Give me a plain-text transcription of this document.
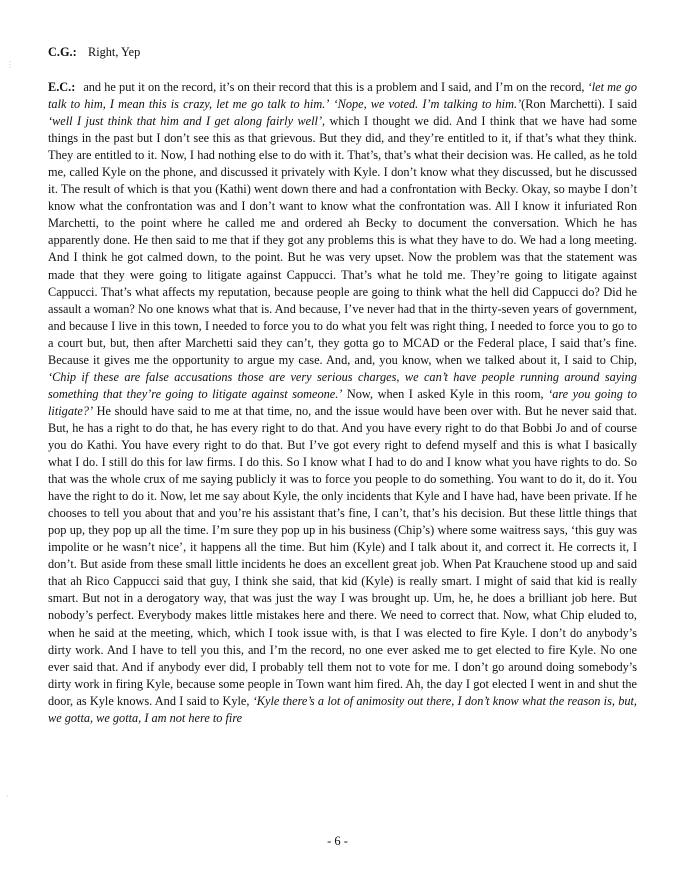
⋮
·
C.G.: Right, Yep
E.C.: and he put it on the record, it’s on their record that this is a problem and I said, and I’m on the record, ‘let me go talk to him, I mean this is crazy, let me go talk to him.’ ‘Nope, we voted. I’m talking to him.’(Ron Marchetti). I said ‘well I just think that him and I get along fairly well’, which I thought we did. And I think that we have had some things in the past but I don’t see this as that grievous. But they did, and they’re entitled to it, if that’s what they think. They are entitled to it. Now, I had nothing else to do with it. That’s, that’s what their decision was. He called, as he told me, called Kyle on the phone, and discussed it privately with Kyle. I don’t know what they discussed, but he discussed it. The result of which is that you (Kathi) went down there and had a confrontation with Becky. Okay, so maybe I don’t know what the confrontation was and I don’t want to know what the confrontation was. All I know it infuriated Ron Marchetti, to the point where he called me and ordered ah Becky to document the conversation. Which he has apparently done. He then said to me that if they got any problems this is what they have to do. We had a long meeting. And I think he got calmed down, to the point. But he was very upset. Now the problem was that the statement was made that they were going to litigate against Cappucci. That’s what he told me. They’re going to litigate against Cappucci. That’s what affects my reputation, because people are going to think what the hell did Cappucci do? Did he assault a woman? No one knows what that is. And because, I’ve never had that in the thirty-seven years of government, and because I live in this town, I needed to force you to do what you felt was right thing, I needed to force you to go to a court but, but, then after Marchetti said they can’t, they gotta go to MCAD or the Federal place, I said that’s fine. Because it gives me the opportunity to argue my case. And, and, you know, when we talked about it, I said to Chip, ‘Chip if these are false accusations those are very serious charges, we can’t have people running around saying something that they’re going to litigate against someone.’ Now, when I asked Kyle in this room, ‘are you going to litigate?’ He should have said to me at that time, no, and the issue would have been over with. But he never said that. But, he has a right to do that, he has every right to do that. And you have every right to do that Bobbi Jo and of course you do Kathi. You have every right to do that. But I’ve got every right to defend myself and this is what I basically what I do. I still do this for law firms. I do this. So I know what I had to do and I know what you have rights to do. So that was the whole crux of me saying publicly it was to force you people to do something. You want to do it, do it. You have the right to do it. Now, let me say about Kyle, the only incidents that Kyle and I have had, have been private. If he chooses to tell you about that and you’re his assistant that’s fine, I can’t, that’s his decision. But these little things that pop up, they pop up all the time. I’m sure they pop up in his business (Chip’s) where some waitress says, ‘this guy was impolite or he wasn’t nice’, it happens all the time. But him (Kyle) and I talk about it, and correct it. He corrects it, I don’t. But aside from these small little incidents he does an excellent great job. When Pat Krauchene stood up and said that ah Rico Cappucci said that guy, I think she said, that kid (Kyle) is really smart. I might of said that kid is really smart. But not in a derogatory way, that was just the way I was brought up. Um, he, he does a brilliant job here. But nobody’s perfect. Everybody makes little mistakes here and there. We need to correct that. Now, what Chip eluded to, when he said at the meeting, which, which I took issue with, is that I was elected to fire Kyle. I don’t do anybody’s dirty work. And I have to tell you this, and I’m the record, no one ever asked me to get elected to fire Kyle. No one ever said that. And if anybody ever did, I probably tell them not to vote for me. I don’t go around doing somebody’s dirty work in firing Kyle, because some people in Town want him fired. Ah, the day I got elected I went in and shut the door, as Kyle knows. And I said to Kyle, ‘Kyle there’s a lot of animosity out there, I don’t know what the reason is, but, we gotta, we gotta, I am not here to fire
- 6 -
